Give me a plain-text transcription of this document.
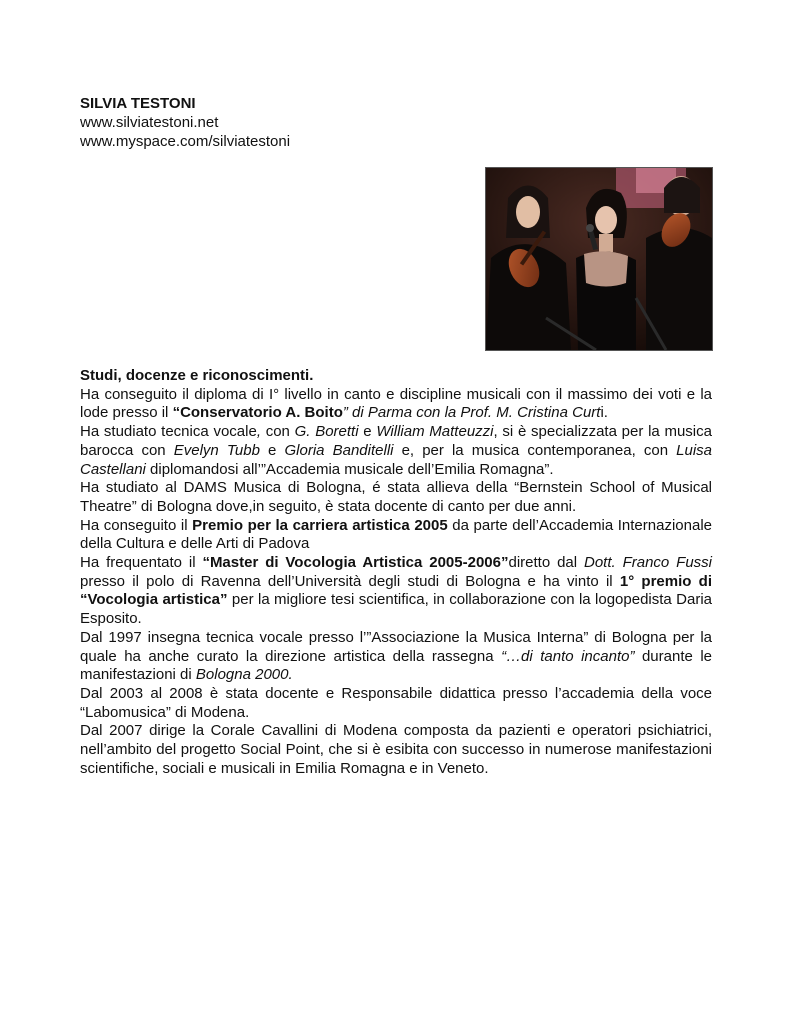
SILVIA TESTONI
www.silviatestoni.net
www.myspace.com/silviatestoni
Studi, docenze e riconoscimenti.
Ha conseguito il diploma di I° livello in canto e discipline musicali con il massimo dei voti e la lode presso il “Conservatorio A. Boito” di Parma con la Prof. M. Cristina Curti.
Ha studiato tecnica vocale, con G. Boretti e William Matteuzzi, si è specializzata per la musica barocca con Evelyn Tubb e Gloria Banditelli e, per la musica contemporanea, con Luisa Castellani diplomandosi all’”Accademia musicale dell’Emilia Romagna”.
Ha studiato al DAMS Musica di Bologna, é stata allieva della “Bernstein School of Musical Theatre” di Bologna dove,in seguito, è stata docente di canto per due anni.
Ha conseguito il Premio per la carriera artistica 2005 da parte dell’Accademia Internazionale della Cultura e delle Arti di Padova
Ha frequentato il “Master di Vocologia Artistica 2005-2006”diretto dal Dott. Franco Fussi presso il polo di Ravenna dell’Università degli studi di Bologna e ha vinto il 1° premio di “Vocologia artistica” per la migliore tesi scientifica, in collaborazione con la logopedista Daria Esposito.
Dal 1997 insegna tecnica vocale presso l’”Associazione la Musica Interna” di Bologna per la quale ha anche curato la direzione artistica della rassegna “…di tanto incanto” durante le manifestazioni di Bologna 2000.
Dal 2003 al 2008 è stata docente e Responsabile didattica presso l’accademia della voce “Labomusica” di Modena.
Dal 2007 dirige la Corale Cavallini di Modena composta da pazienti e operatori psichiatrici, nell’ambito del progetto Social Point, che si è esibita con successo in numerose manifestazioni scientifiche, sociali e musicali in Emilia Romagna e in Veneto.
